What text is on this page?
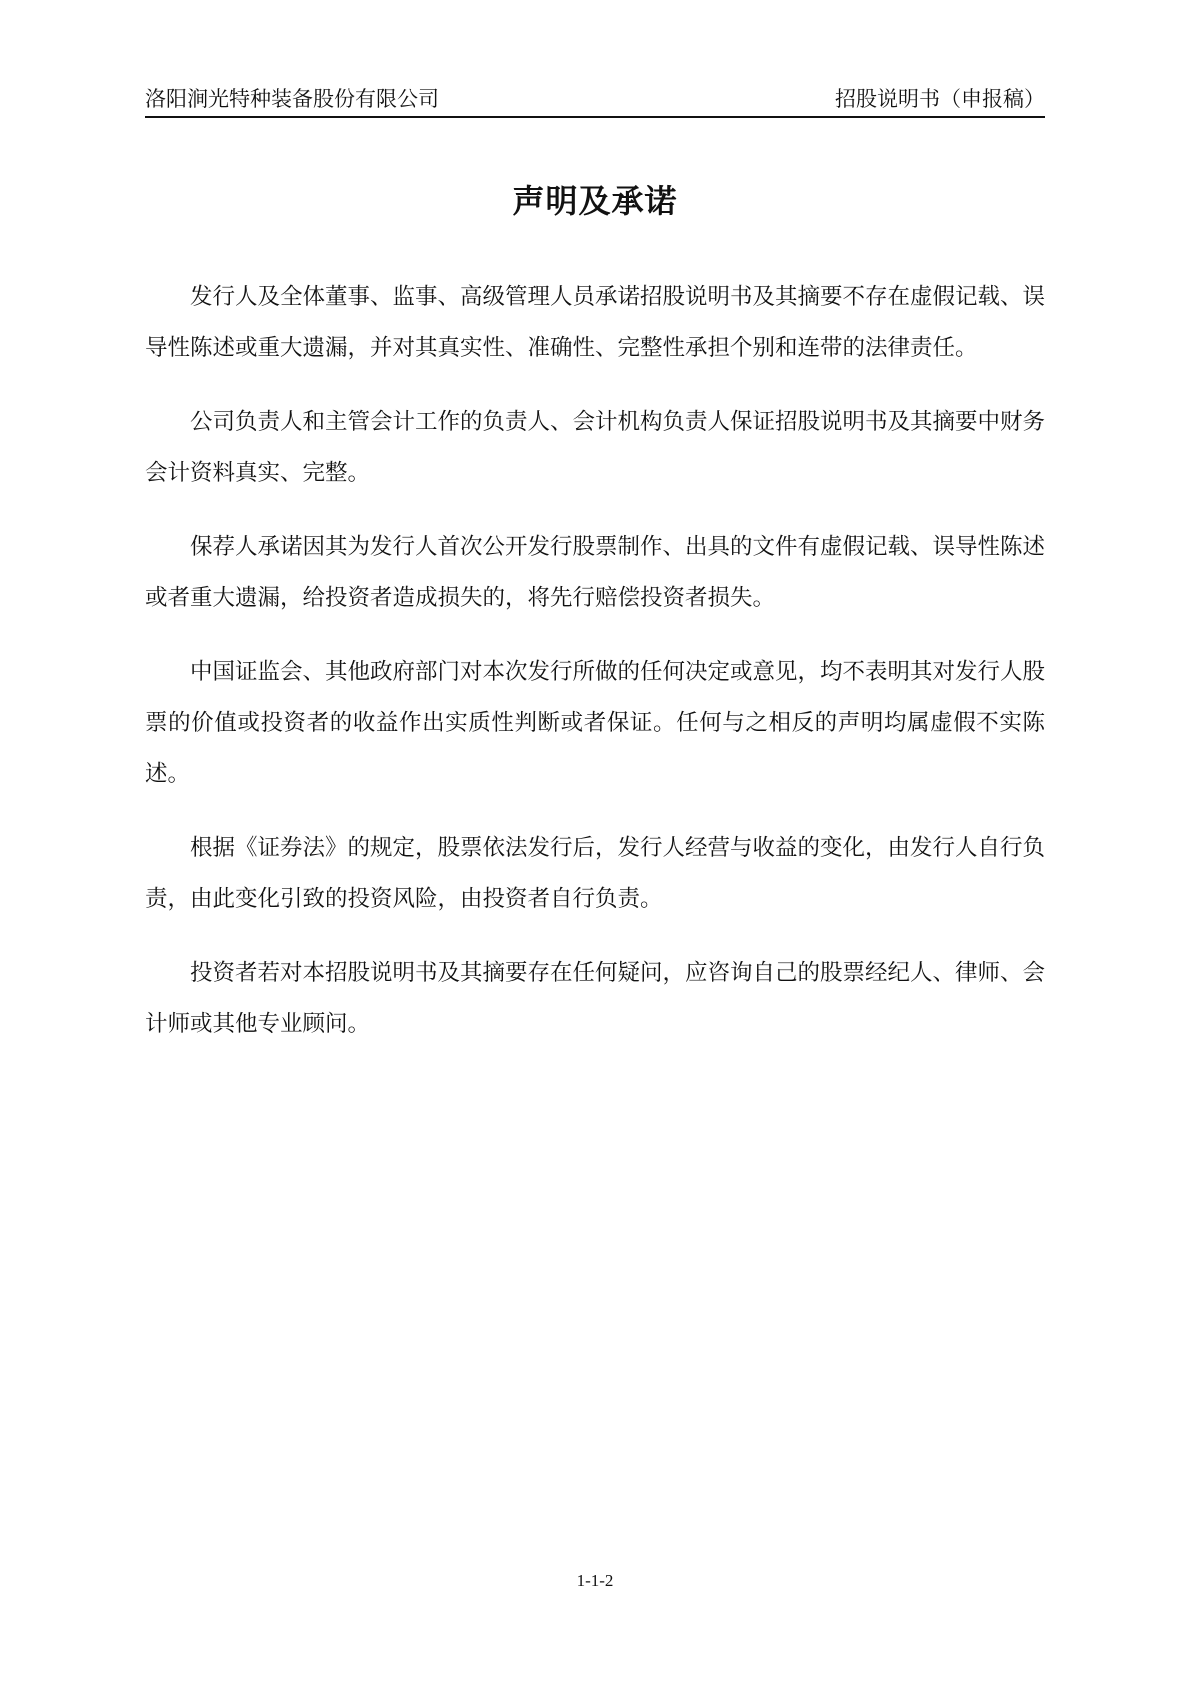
洛阳涧光特种装备股份有限公司	招股说明书（申报稿）
声明及承诺

发行人及全体董事、监事、高级管理人员承诺招股说明书及其摘要不存在虚假记载、误导性陈述或重大遗漏，并对其真实性、准确性、完整性承担个别和连带的法律责任。

公司负责人和主管会计工作的负责人、会计机构负责人保证招股说明书及其摘要中财务会计资料真实、完整。

保荐人承诺因其为发行人首次公开发行股票制作、出具的文件有虚假记载、误导性陈述或者重大遗漏，给投资者造成损失的，将先行赔偿投资者损失。

中国证监会、其他政府部门对本次发行所做的任何决定或意见，均不表明其对发行人股票的价值或投资者的收益作出实质性判断或者保证。任何与之相反的声明均属虚假不实陈述。

根据《证券法》的规定，股票依法发行后，发行人经营与收益的变化，由发行人自行负责，由此变化引致的投资风险，由投资者自行负责。

投资者若对本招股说明书及其摘要存在任何疑问，应咨询自己的股票经纪人、律师、会计师或其他专业顾问。

1-1-2
